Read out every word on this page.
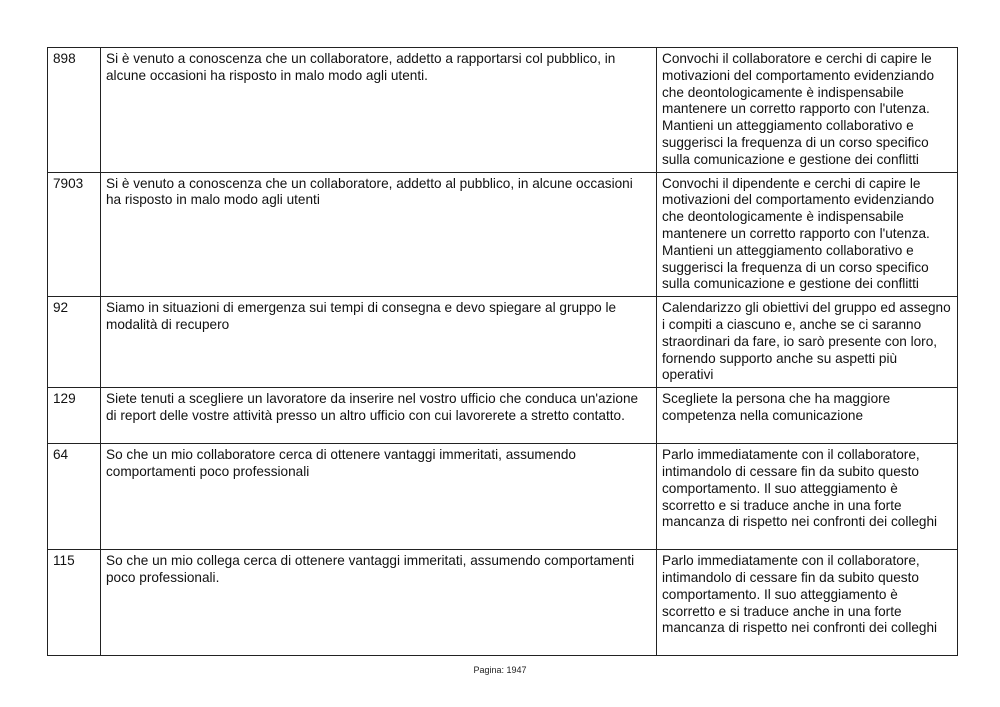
898	Si è venuto a conoscenza che un collaboratore, addetto a rapportarsi col pubblico, in alcune occasioni ha risposto in malo modo agli utenti.	Convochi il collaboratore e cerchi di capire le motivazioni del comportamento evidenziando che deontologicamente è indispensabile mantenere un corretto rapporto con l'utenza. Mantieni un atteggiamento collaborativo e suggerisci la frequenza di un corso specifico sulla comunicazione e gestione dei conflitti
7903	Si è venuto a conoscenza che un collaboratore, addetto al pubblico, in alcune occasioni ha risposto in malo modo agli utenti	Convochi il dipendente e cerchi di capire le motivazioni del comportamento evidenziando che deontologicamente è indispensabile mantenere un corretto rapporto con l'utenza. Mantieni un atteggiamento collaborativo e suggerisci la frequenza di un corso specifico sulla comunicazione e gestione dei conflitti
92	Siamo in situazioni di emergenza sui tempi di consegna e devo spiegare al gruppo le modalità di recupero	Calendarizzo gli obiettivi del gruppo ed assegno i compiti a ciascuno e, anche se ci saranno straordinari da fare, io sarò presente con loro, fornendo supporto anche su aspetti più operativi
129	Siete tenuti a scegliere un lavoratore da inserire nel vostro ufficio che conduca un'azione di report delle vostre attività presso un altro ufficio con cui lavorerete a stretto contatto.	Scegliete la persona che ha maggiore competenza nella comunicazione
64	So che un mio collaboratore cerca di ottenere vantaggi immeritati, assumendo comportamenti poco professionali	Parlo immediatamente con il collaboratore, intimandolo di cessare fin da subito questo comportamento. Il suo atteggiamento è scorretto e si traduce anche in una forte mancanza di rispetto nei confronti dei colleghi
115	So che un mio collega cerca di ottenere vantaggi immeritati, assumendo comportamenti poco professionali.	Parlo immediatamente con il collaboratore, intimandolo di cessare fin da subito questo comportamento. Il suo atteggiamento è scorretto e si traduce anche in una forte mancanza di rispetto nei confronti dei colleghi
Pagina: 1947
